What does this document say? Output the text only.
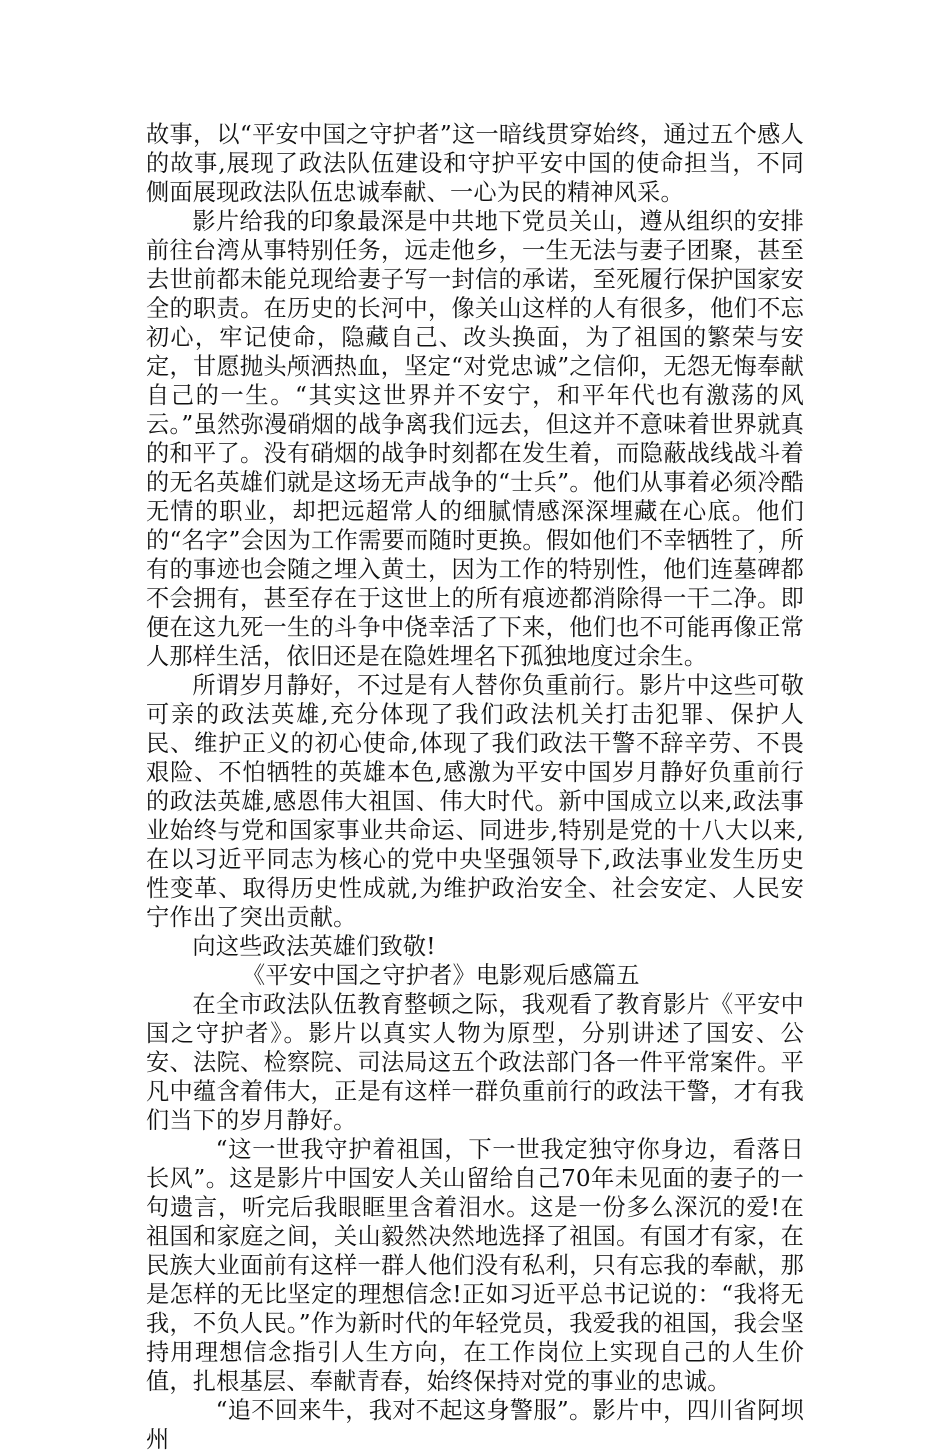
故事，以“平安中国之守护者”这一暗线贯穿始终，通过五个感人的故事,展现了政法队伍建设和守护平安中国的使命担当，不同侧面展现政法队伍忠诚奉献、一心为民的精神风采。

影片给我的印象最深是中共地下党员关山，遵从组织的安排前往台湾从事特别任务，远走他乡，一生无法与妻子团聚，甚至去世前都未能兑现给妻子写一封信的承诺，至死履行保护国家安全的职责。在历史的长河中，像关山这样的人有很多，他们不忘初心，牢记使命，隐藏自己、改头换面，为了祖国的繁荣与安定，甘愿抛头颅洒热血，坚定“对党忠诚”之信仰，无怨无悔奉献自己的一生。“其实这世界并不安宁，和平年代也有激荡的风云。”虽然弥漫硝烟的战争离我们远去，但这并不意味着世界就真的和平了。没有硝烟的战争时刻都在发生着，而隐蔽战线战斗着的无名英雄们就是这场无声战争的“士兵”。他们从事着必须冷酷无情的职业，却把远超常人的细腻情感深深埋藏在心底。他们的“名字”会因为工作需要而随时更换。假如他们不幸牺牲了，所有的事迹也会随之埋入黄土，因为工作的特别性，他们连墓碑都不会拥有，甚至存在于这世上的所有痕迹都消除得一干二净。即便在这九死一生的斗争中侥幸活了下来，他们也不可能再像正常人那样生活，依旧还是在隐姓埋名下孤独地度过余生。

所谓岁月静好，不过是有人替你负重前行。影片中这些可敬可亲的政法英雄,充分体现了我们政法机关打击犯罪、保护人民、维护正义的初心使命,体现了我们政法干警不辞辛劳、不畏艰险、不怕牺牲的英雄本色,感激为平安中国岁月静好负重前行的政法英雄,感恩伟大祖国、伟大时代。新中国成立以来,政法事业始终与党和国家事业共命运、同进步,特别是党的十八大以来,在以习近平同志为核心的党中央坚强领导下,政法事业发生历史性变革、取得历史性成就,为维护政治安全、社会安定、人民安宁作出了突出贡献。

向这些政法英雄们致敬!

《平安中国之守护者》电影观后感篇五

在全市政法队伍教育整顿之际，我观看了教育影片《平安中国之守护者》。影片以真实人物为原型，分别讲述了国安、公安、法院、检察院、司法局这五个政法部门各一件平常案件。平凡中蕴含着伟大，正是有这样一群负重前行的政法干警，才有我们当下的岁月静好。

“这一世我守护着祖国，下一世我定独守你身边，看落日长风”。这是影片中国安人关山留给自己70年未见面的妻子的一句遗言，听完后我眼眶里含着泪水。这是一份多么深沉的爱!在祖国和家庭之间，关山毅然决然地选择了祖国。有国才有家，在民族大业面前有这样一群人他们没有私利，只有忘我的奉献，那是怎样的无比坚定的理想信念!正如习近平总书记说的：“我将无我，不负人民。”作为新时代的年轻党员，我爱我的祖国，我会坚持用理想信念指引人生方向，在工作岗位上实现自己的人生价值，扎根基层、奉献青春，始终保持对党的事业的忠诚。

“追不回来牛，我对不起这身警服”。影片中，四川省阿坝州
